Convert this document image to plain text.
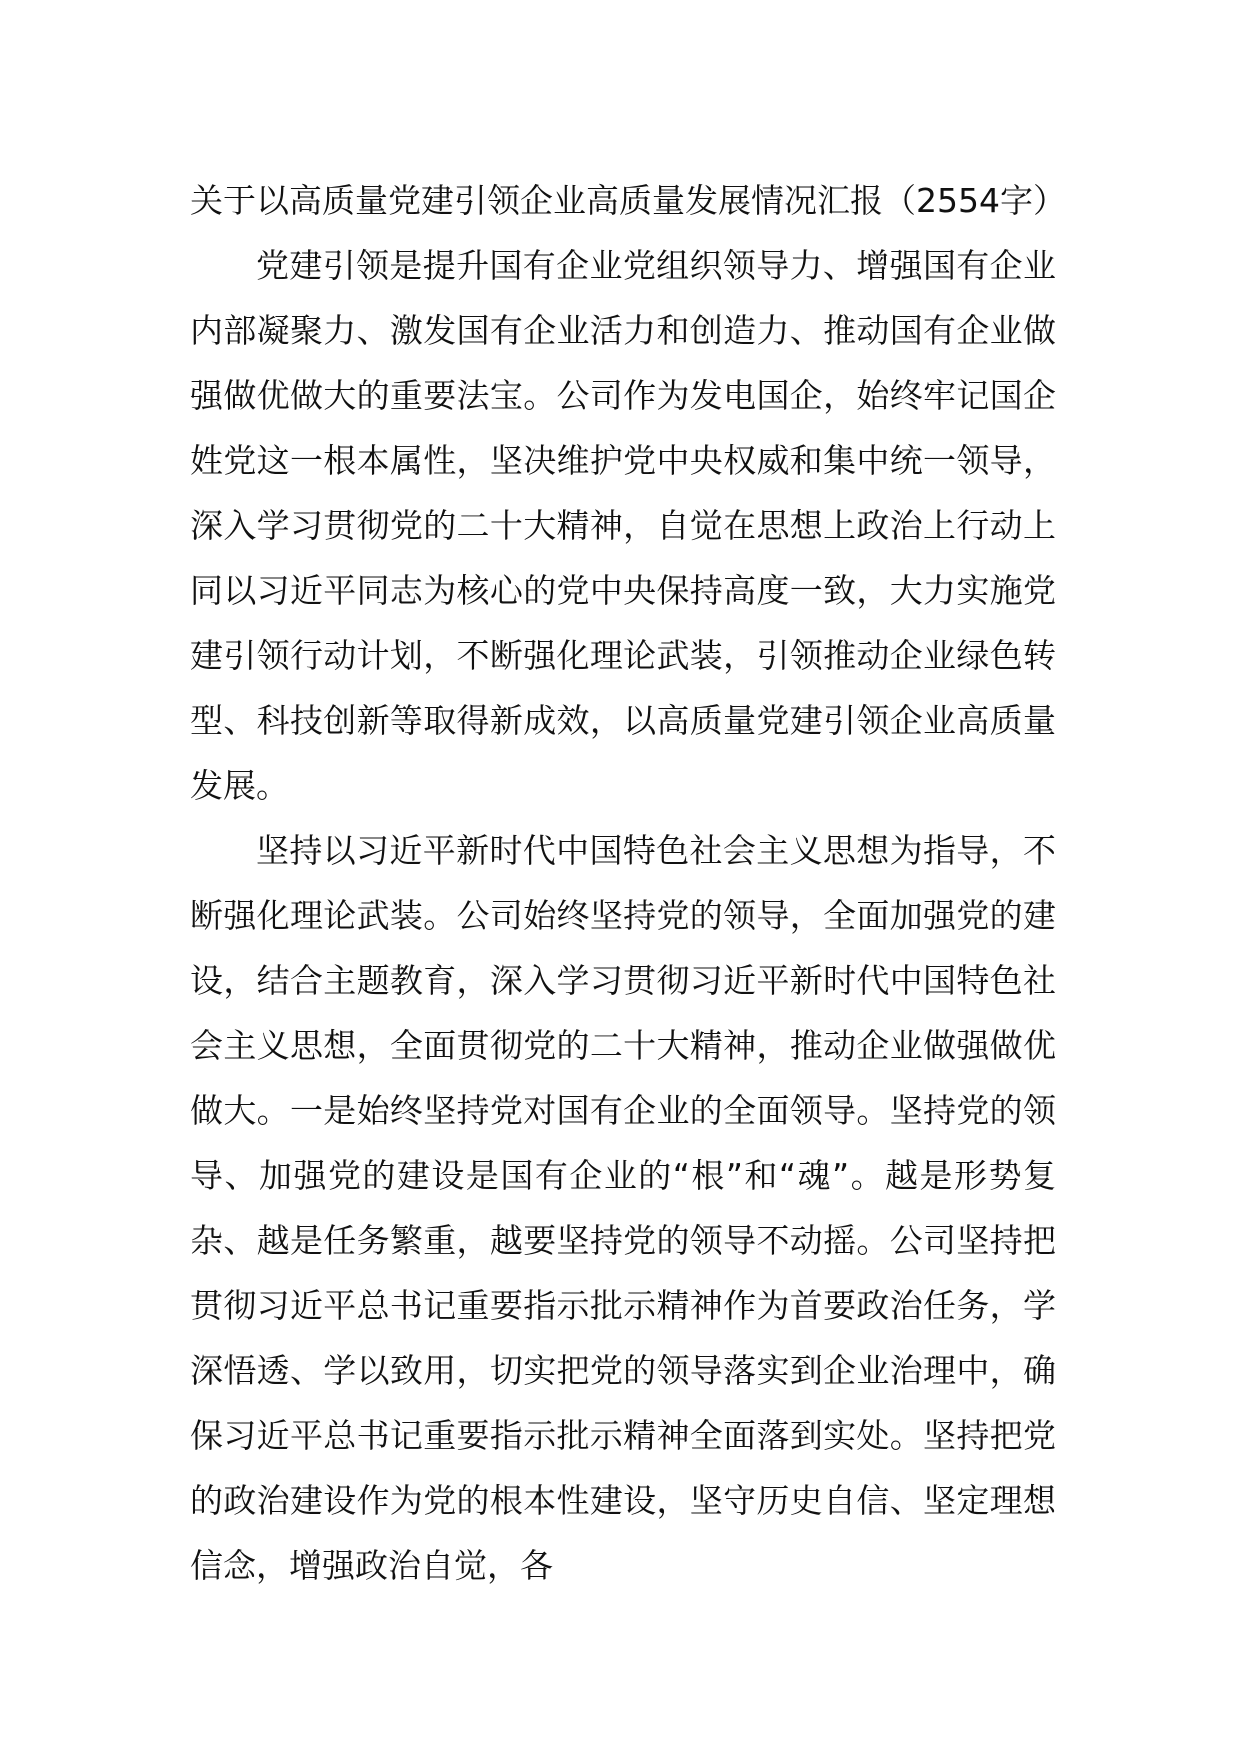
关于以高质量党建引领企业高质量发展情况汇报（2554字）

党建引领是提升国有企业党组织领导力、增强国有企业内部凝聚力、激发国有企业活力和创造力、推动国有企业做强做优做大的重要法宝。公司作为发电国企，始终牢记国企姓党这一根本属性，坚决维护党中央权威和集中统一领导，深入学习贯彻党的二十大精神，自觉在思想上政治上行动上同以习近平同志为核心的党中央保持高度一致，大力实施党建引领行动计划，不断强化理论武装，引领推动企业绿色转型、科技创新等取得新成效，以高质量党建引领企业高质量发展。

坚持以习近平新时代中国特色社会主义思想为指导，不断强化理论武装。公司始终坚持党的领导，全面加强党的建设，结合主题教育，深入学习贯彻习近平新时代中国特色社会主义思想，全面贯彻党的二十大精神，推动企业做强做优做大。一是始终坚持党对国有企业的全面领导。坚持党的领导、加强党的建设是国有企业的“根”和“魂”。越是形势复杂、越是任务繁重，越要坚持党的领导不动摇。公司坚持把贯彻习近平总书记重要指示批示精神作为首要政治任务，学深悟透、学以致用，切实把党的领导落实到企业治理中，确保习近平总书记重要指示批示精神全面落到实处。坚持把党的政治建设作为党的根本性建设，坚守历史自信、坚定理想信念，增强政治自觉，各
